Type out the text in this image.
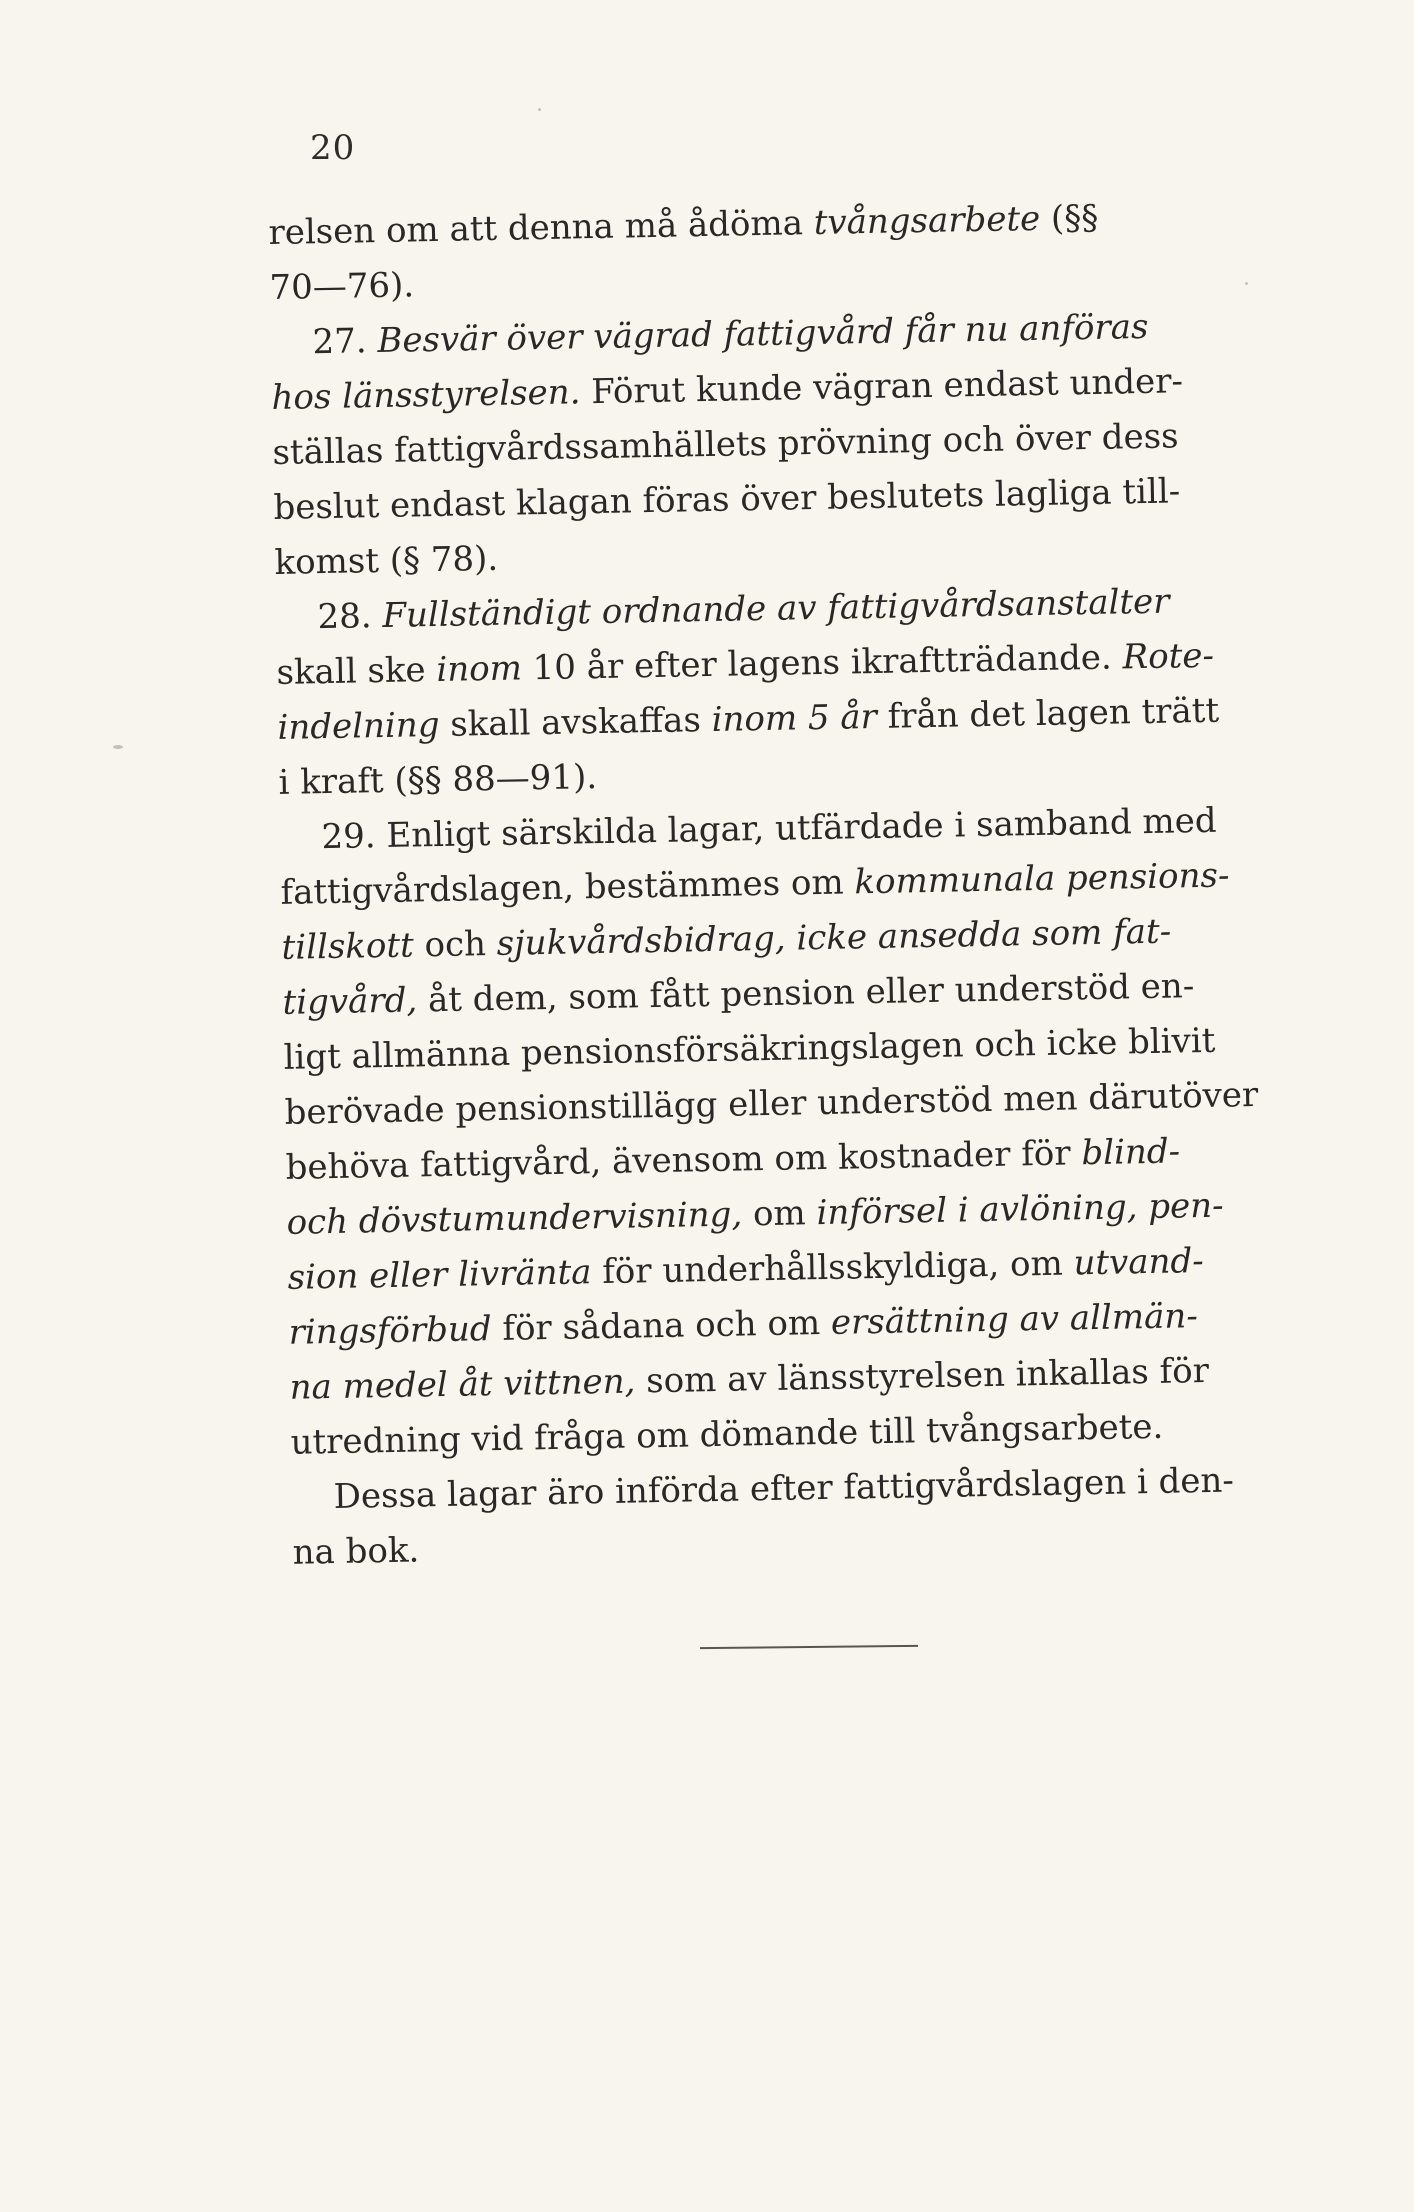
20
relsen om att denna må ådöma tvångsarbete (§§
70—76).
27. Besvär över vägrad fattigvård får nu anföras
hos länsstyrelsen. Förut kunde vägran endast under-
ställas fattigvårdssamhällets prövning och över dess
beslut endast klagan föras över beslutets lagliga till-
komst (§ 78).
28. Fullständigt ordnande av fattigvårdsanstalter
skall ske inom 10 år efter lagens ikraftträdande. Rote-
indelning skall avskaffas inom 5 år från det lagen trätt
i kraft (§§ 88—91).
29. Enligt särskilda lagar, utfärdade i samband med
fattigvårdslagen, bestämmes om kommunala pensions-
tillskott och sjukvårdsbidrag, icke ansedda som fat-
tigvård, åt dem, som fått pension eller understöd en-
ligt allmänna pensionsförsäkringslagen och icke blivit
berövade pensionstillägg eller understöd men därutöver
behöva fattigvård, ävensom om kostnader för blind-
och dövstumundervisning, om införsel i avlöning, pen-
sion eller livränta för underhållsskyldiga, om utvand-
ringsförbud för sådana och om ersättning av allmän-
na medel åt vittnen, som av länsstyrelsen inkallas för
utredning vid fråga om dömande till tvångsarbete.
Dessa lagar äro införda efter fattigvårdslagen i den-
na bok.
